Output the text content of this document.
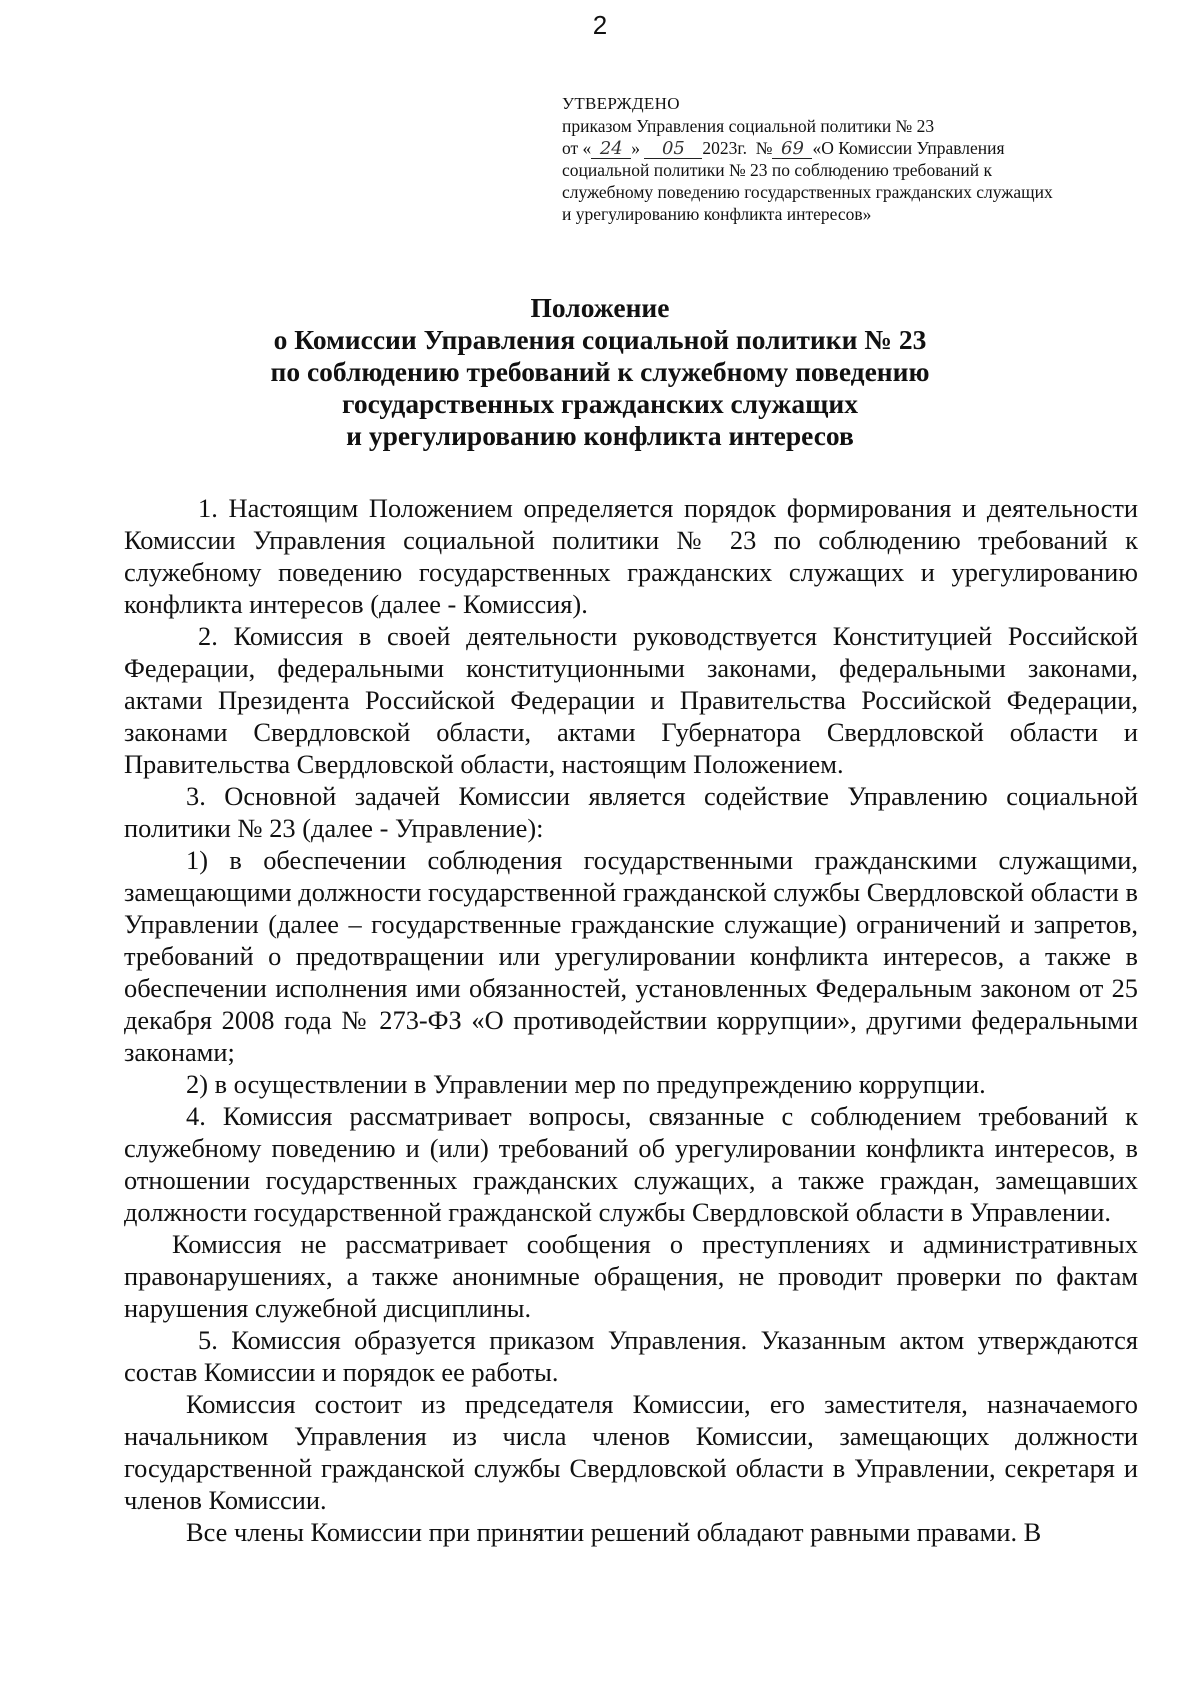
2
УТВЕРЖДЕНО
приказом Управления социальной политики № 23
от « 24 » 05 2023г. № 69 «О Комиссии Управления
социальной политики № 23 по соблюдению требований к
служебному поведению государственных гражданских служащих
и урегулированию конфликта интересов»
Положение
о Комиссии Управления социальной политики № 23
по соблюдению требований к служебному поведению
государственных гражданских служащих
и урегулированию конфликта интересов

1. Настоящим Положением определяется порядок формирования и деятельности Комиссии Управления социальной политики № 23 по соблюдению требований к служебному поведению государственных гражданских служащих и урегулированию конфликта интересов (далее - Комиссия).

2. Комиссия в своей деятельности руководствуется Конституцией Российской Федерации, федеральными конституционными законами, федеральными законами, актами Президента Российской Федерации и Правительства Российской Федерации, законами Свердловской области, актами Губернатора Свердловской области и Правительства Свердловской области, настоящим Положением.

3. Основной задачей Комиссии является содействие Управлению социальной политики № 23 (далее - Управление):

1) в обеспечении соблюдения государственными гражданскими служащими, замещающими должности государственной гражданской службы Свердловской области в Управлении (далее – государственные гражданские служащие) ограничений и запретов, требований о предотвращении или урегулировании конфликта интересов, а также в обеспечении исполнения ими обязанностей, установленных Федеральным законом от 25 декабря 2008 года № 273-ФЗ «О противодействии коррупции», другими федеральными законами;

2) в осуществлении в Управлении мер по предупреждению коррупции.

4. Комиссия рассматривает вопросы, связанные с соблюдением требований к служебному поведению и (или) требований об урегулировании конфликта интересов, в отношении государственных гражданских служащих, а также граждан, замещавших должности государственной гражданской службы Свердловской области в Управлении.

Комиссия не рассматривает сообщения о преступлениях и административных правонарушениях, а также анонимные обращения, не проводит проверки по фактам нарушения служебной дисциплины.

5. Комиссия образуется приказом Управления. Указанным актом утверждаются состав Комиссии и порядок ее работы.

Комиссия состоит из председателя Комиссии, его заместителя, назначаемого начальником Управления из числа членов Комиссии, замещающих должности государственной гражданской службы Свердловской области в Управлении, секретаря и членов Комиссии.

Все члены Комиссии при принятии решений обладают равными правами. В
